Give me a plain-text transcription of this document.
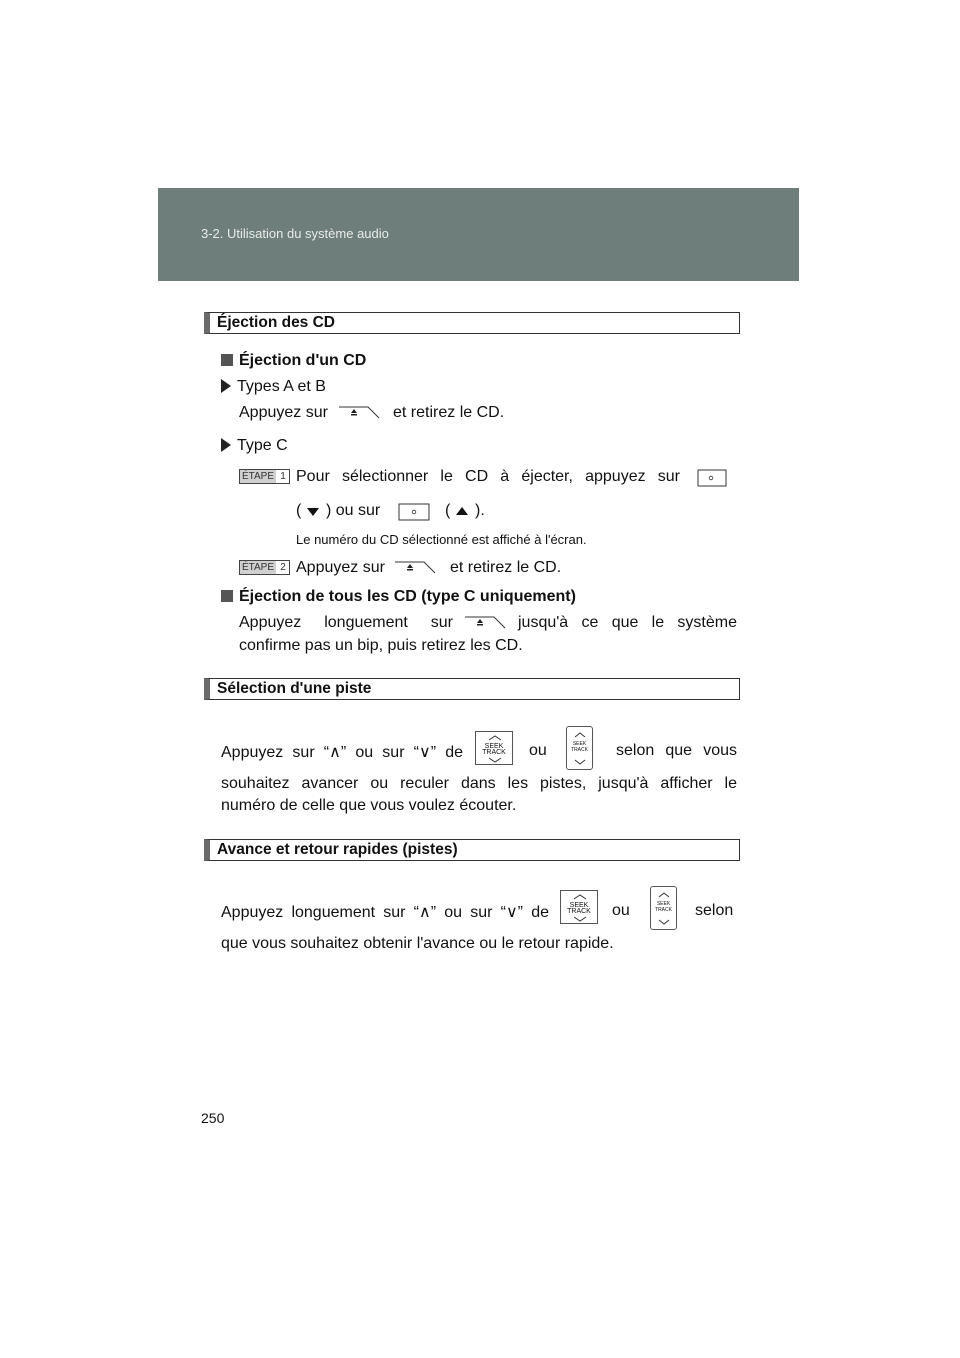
3-2. Utilisation du système audio
Éjection des CD
Éjection d'un CD
Types A et B
Appuyez sur	et retirez le CD.
Type C
ÉTAPE 1 Pour sélectionner le CD à éjecter, appuyez sur
( ) ou sur	( ).
Le numéro du CD sélectionné est affiché à l'écran.
ÉTAPE 2 Appuyez sur	et retirez le CD.
Éjection de tous les CD (type C uniquement)
Appuyez longuement sur	jusqu'à ce que le système
confirme pas un bip, puis retirez les CD.
Sélection d'une piste
Appuyez sur “∧” ou sur “∨” de	SEEK
TRACK	ou	SEEK
TRACK selon que vous
souhaitez avancer ou reculer dans les pistes, jusqu'à afficher le
numéro de celle que vous voulez écouter.
Avance et retour rapides (pistes)
Appuyez longuement sur “∧” ou sur “∨” de	SEEK
TRACK	ou	SEEK
TRACK selon
que vous souhaitez obtenir l'avance ou le retour rapide.
250
